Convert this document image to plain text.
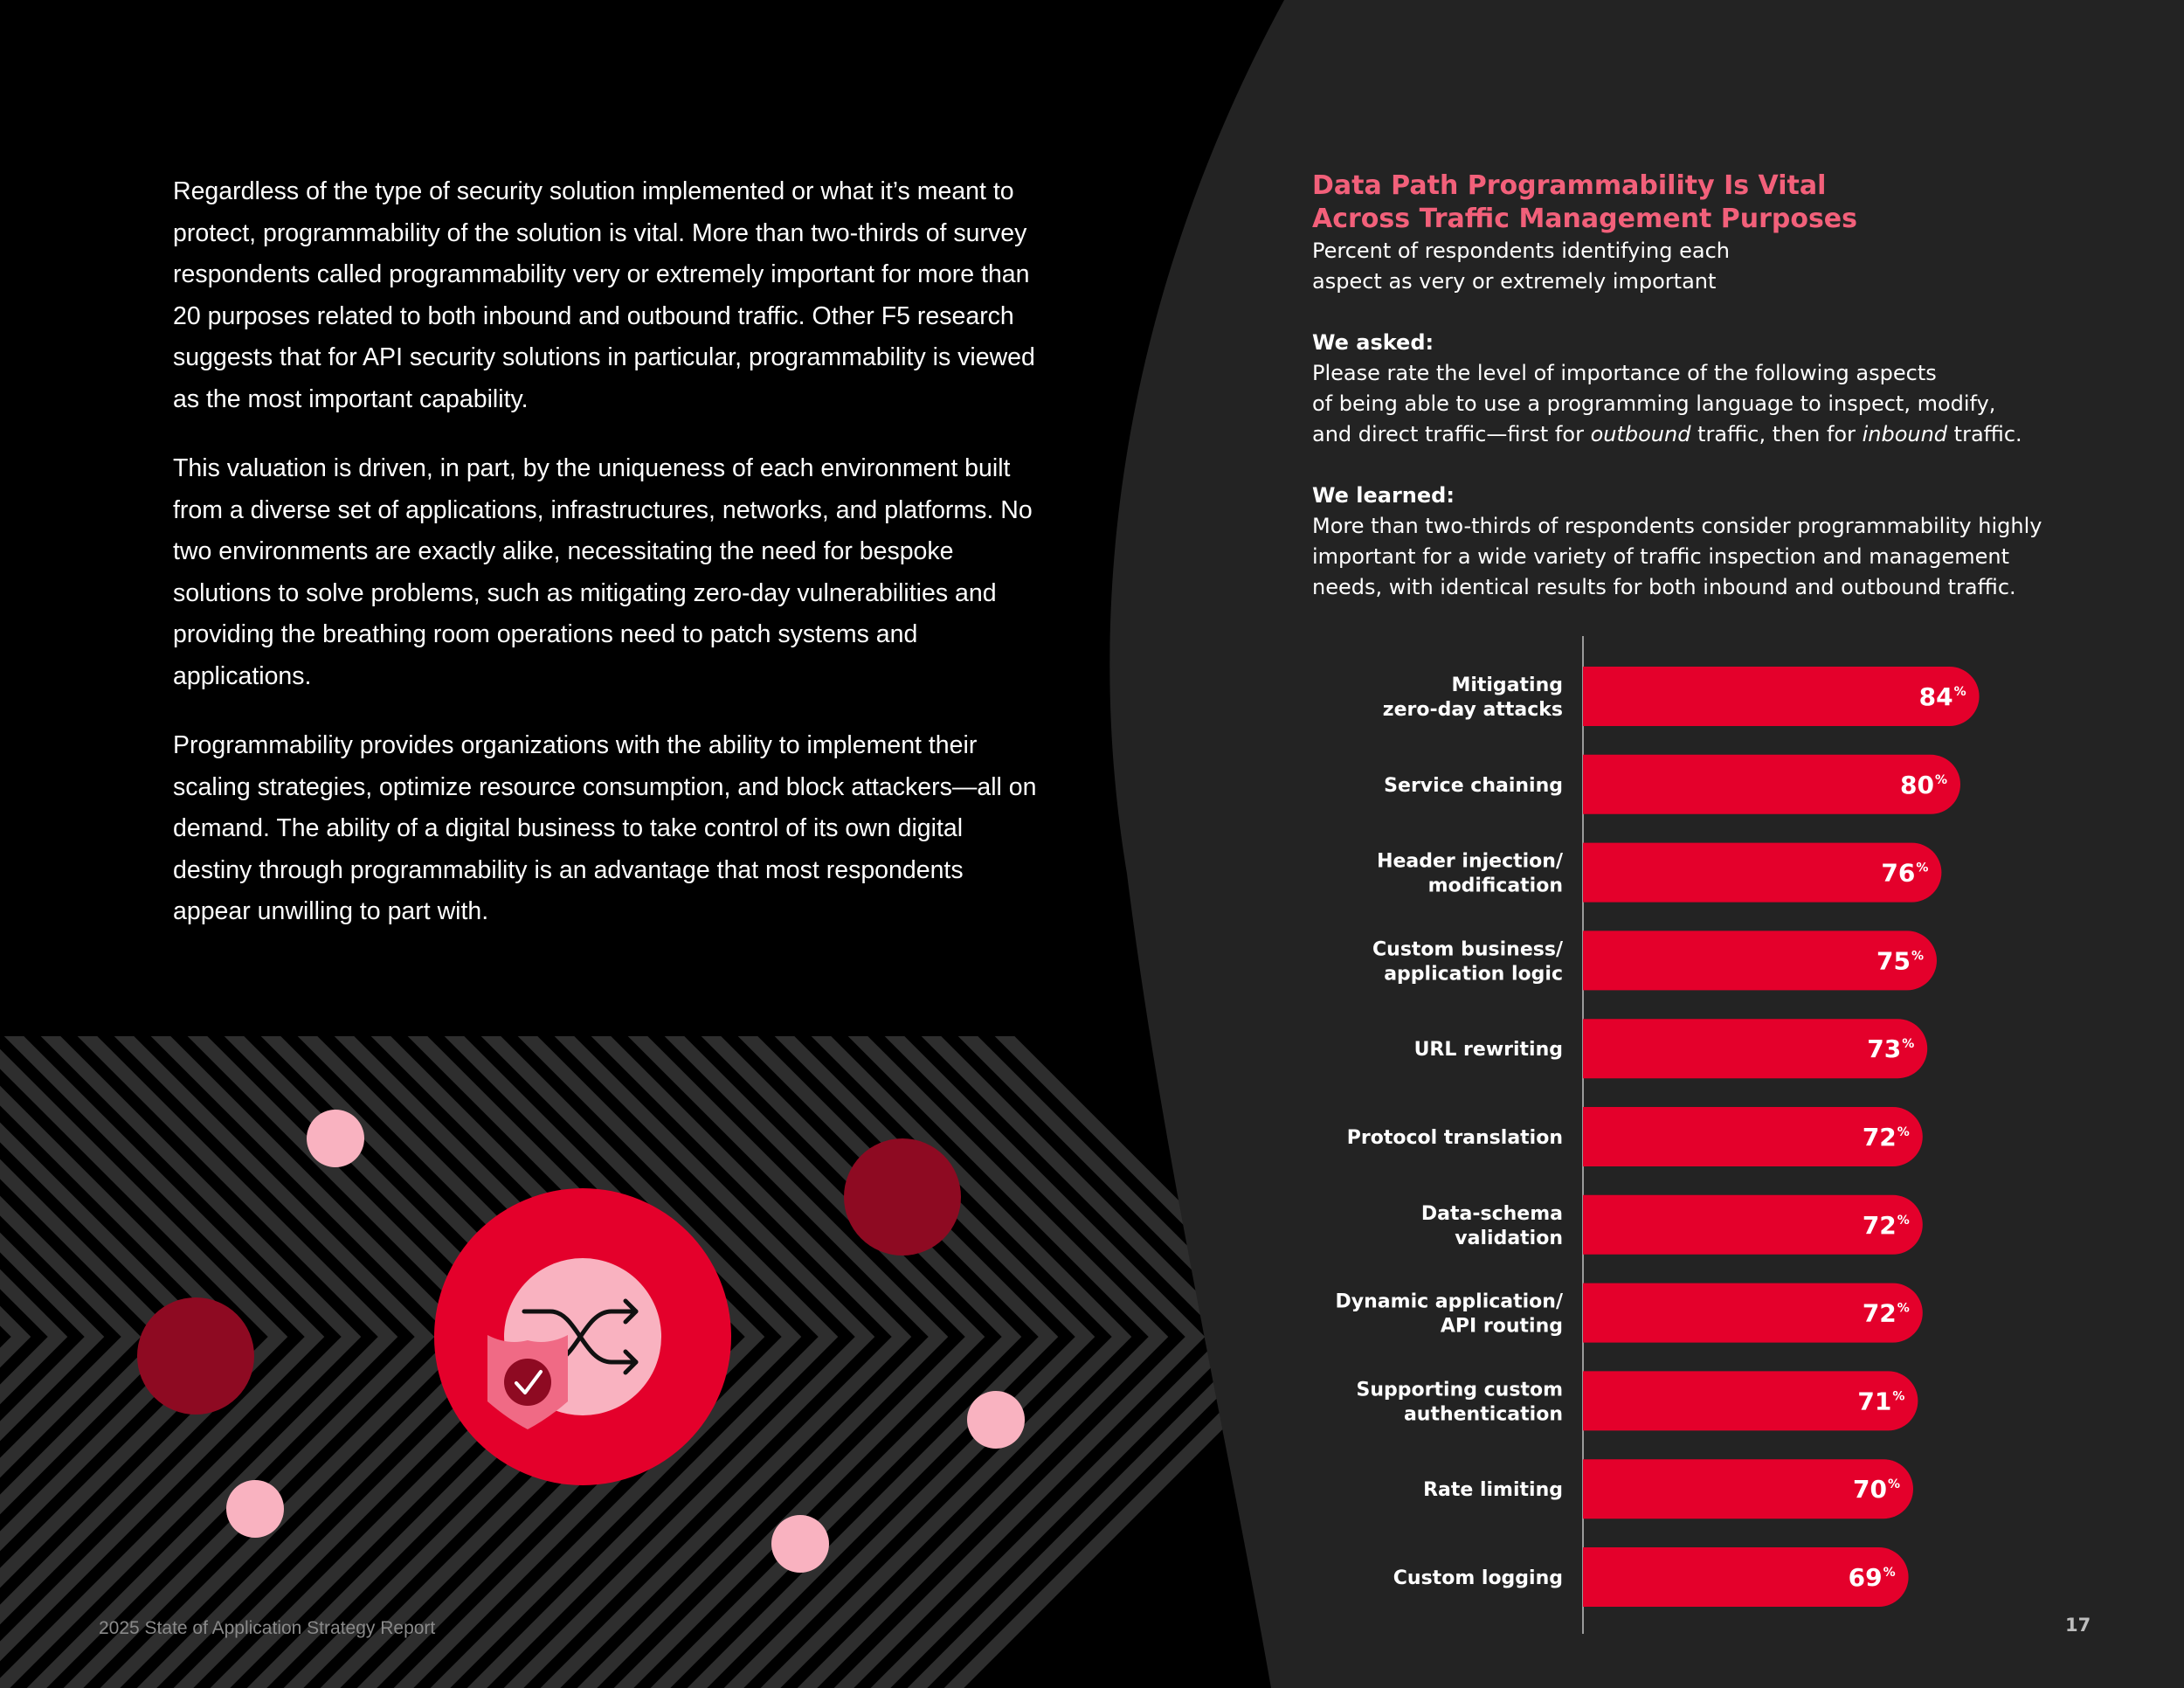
Regardless of the type of security solution implemented or what it’s meant to protect, programmability of the solution is vital. More than two-thirds of survey respondents called programmability very or extremely important for more than 20 purposes related to both inbound and outbound traffic. Other F5 research suggests that for API security solutions in particular, programmability is viewed as the most important capability.

This valuation is driven, in part, by the uniqueness of each environment built from a diverse set of applications, infrastructures, networks, and platforms. No two environments are exactly alike, necessitating the need for bespoke solutions to solve problems, such as mitigating zero-day vulnerabilities and providing the breathing room operations need to patch systems and applications.

Programmability provides organizations with the ability to implement their scaling strategies, optimize resource consumption, and block attackers—all on demand. The ability of a digital business to take control of its own digital destiny through programmability is an advantage that most respondents appear unwilling to part with.

Data Path Programmability Is Vital
Across Traffic Management Purposes
Percent of respondents identifying each
aspect as very or extremely important
We asked:
Please rate the level of importance of the following aspects
of being able to use a programming language to inspect, modify,
and direct traffic—first for outbound traffic, then for inbound traffic.
We learned:
More than two-thirds of respondents consider programmability highly
important for a wide variety of traffic inspection and management
needs, with identical results for both inbound and outbound traffic.
Mitigating
zero-day attacks	84 %
Service chaining	80 %
Header injection/
modification	76 %
Custom business/
application logic	75 %
URL rewriting	73 %
Protocol translation	72 %
Data-schema
validation	72 %
Dynamic application/
API routing	72 %
Supporting custom
authentication	71 %
Rate limiting	70 %
Custom logging	69 %
2025 State of Application Strategy Report	17
